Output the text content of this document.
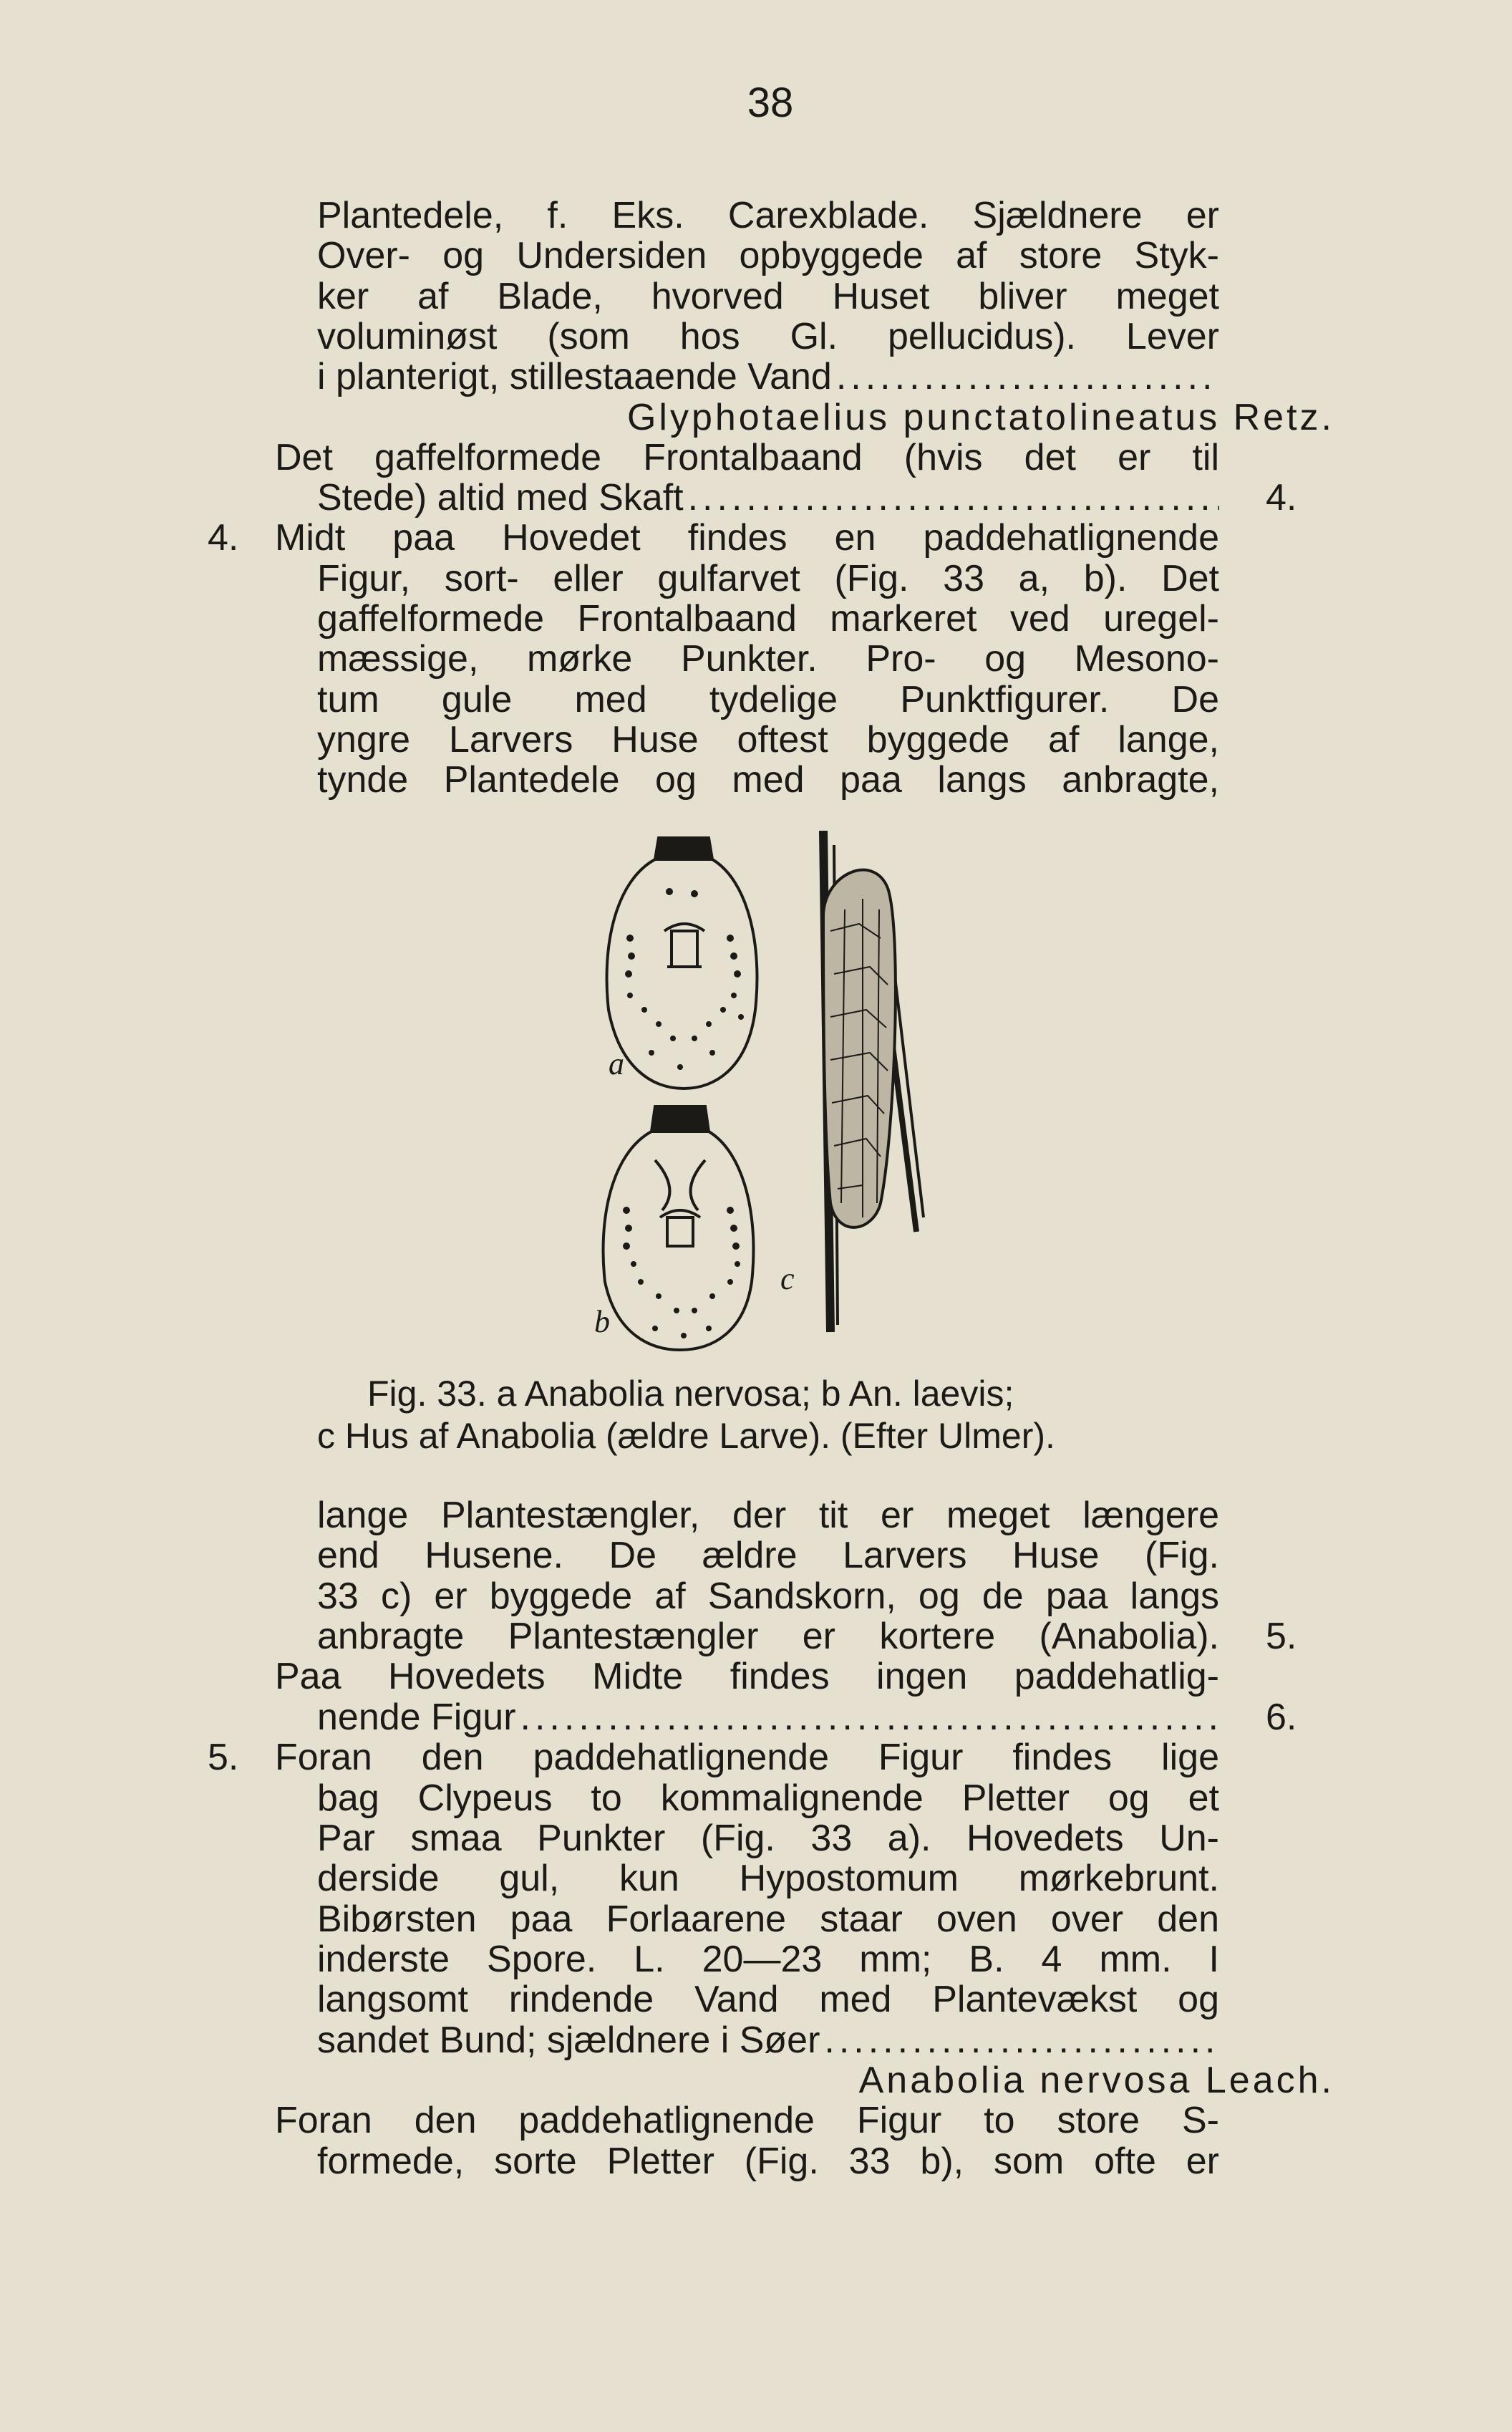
38
Plantedele, f. Eks. Carexblade. Sjældnere er
Over- og Undersiden opbyggede af store Styk-
ker af Blade, hvorved Huset bliver meget
voluminøst (som hos Gl. pellucidus). Lever
i planterigt, stillestaaende Vand
.....
Glyphotaelius punctatolineatus Retz.
Det gaffelformede Frontalbaand (hvis det er til
Stede) altid med Skaft .....	4.
4. Midt paa Hovedet findes en paddehatlignende
Figur, sort- eller gulfarvet (Fig. 33 a, b). Det
gaffelformede Frontalbaand markeret ved uregel-
mæssige, mørke Punkter. Pro- og Mesono-
tum gule med tydelige Punktfigurer. De
yngre Larvers Huse oftest byggede af lange,
tynde Plantedele og med paa langs anbragte,
a
b
c
Fig. 33. a Anabolia nervosa; b An. laevis;
c Hus af Anabolia (ældre Larve). (Efter Ulmer).
lange Plantestængler, der tit er meget længere
end Husene. De ældre Larvers Huse (Fig.
33 c) er byggede af Sandskorn, og de paa langs
anbragte Plantestængler er kortere (Anabolia). 5.
Paa Hovedets Midte findes ingen paddehatlig-
nende Figur .....	6.
5. Foran den paddehatlignende Figur findes lige
bag Clypeus to kommalignende Pletter og et
Par smaa Punkter (Fig. 33 a). Hovedets Un-
derside gul, kun Hypostomum mørkebrunt.
Bibørsten paa Forlaarene staar oven over den
inderste Spore. L. 20—23 mm; B. 4 mm. I
langsomt rindende Vand med Plantevækst og
sandet Bund; sjældnere i Søer
.....
Anabolia nervosa Leach.
Foran den paddehatlignende Figur to store S-
formede, sorte Pletter (Fig. 33 b), som ofte er
